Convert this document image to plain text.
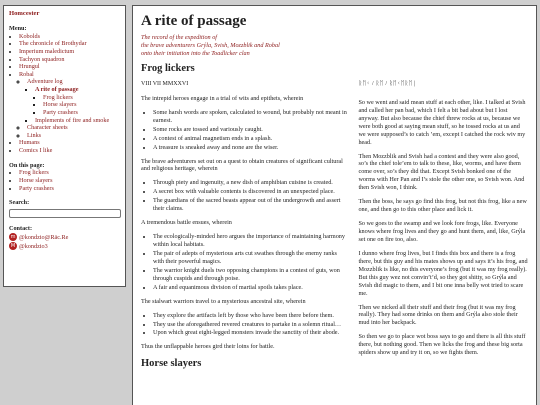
Homcester
Menu:
• Kobolds
• The chronicle of Brothydar
• Imperium maledictum
• Tachyon squadron
• Hrungul
• Robal
◦ Adventure log
▪ A rite of passage
▪ Frog lickers
▪ Horse slayers
▪ Party crashers
▪ Implements of fire and smoke
◦ Character sheets
◦ Links
• Humans
• Comics I like
On this page:
• Frog lickers
• Horse slayers
• Party crashers
Search:
Contact:
m @kondzio@Räc.Re
M @kondzio3
A rite of passage
The record of the expedition of
the brave adventurers Grýla, Svish, Mozzblik and Robal
onto their initiation into the Toadlicker clan
Frog lickers
VIII VII MMXXVI

The intrepid heroes engage in a trial of wits and epithets, wherein

• Some harsh words are spoken, calculated to wound, but probably not meant in earnest.
• Some rocks are tossed and variously caught.
• A contest of animal magnetism ends in a splash.
• A treasure is sneaked away and none are the wiser.

The brave adventurers set out on a quest to obtain creatures of significant cultural and religious heritage, wherein

• Through piety and ingenuity, a new dish of amphibian cuisine is created.
• A secret box with valuable contents is discovered in an unexpected place.
• The guardians of the sacred beasts appear out of the undergrowth and assert their claims.

A tremendous battle ensues, wherein

• The ecologically-minded hero argues the importance of maintaining harmony within local habitats.
• The pair of adepts of mysterious arts cut swathes through the enemy ranks with their powerful magics.
• The warrior knight duels two opposing champions in a contest of guts, won through cuspids and through poise.
• A fair and equanimous division of martial spoils takes place.

The stalwart warriors travel to a mysterious ancestral site, wherein

• They explore the artifacts left by those who have been there before them.
• They use the aforegathered revered creatures to partake in a solemn ritual…
• Upon which great eight-legged monsters invade the sanctity of their abode.

Thus the unflappable heroes gird their loins for battle.

Horse slayers
ᚱᛖᚲ / ᚱᛖ / ᚱᛖᚲᛖᚱᛖ |

So we went and said mean stuff at each other, like. I talked at Svish and called her pan bad, which I felt a bit bad about but I lost anyway. But also because the chief threw rocks at us, because we were both good at saying mean stuff, so he tossed rocks at us and we were supposed’s to catch ’em, except I catched the rock wiv my head.

Then Mozzblik and Svish had a contest and they were also good, so’s the chief tole’em to talk to these, like, worms, and have them come over, so’s they did that. Except Svish bonked one of the worms with Her Pan and I’s stole the other one, so Svish won. And then Svish won, I think.

Then the boss, he says go find this frog, but not this frog, like a new one, and then go to this other place and lick it.

So we goes to the swamp and we look fore frogs, like. Everyone knows where frog lives and they go and hunt them, and, like, Grýla set one on fire too, also.

I dunno where frog lives, but I finds this box and there is a frog there, but this guy and his mates shows up and says it’s his frog, and Mozzblik is like, no this everyone’s frog (but it was my frog really). But this guy wez not convin’t’d, so they got shitty, so Grýla and Svish did magic to them, and I bit one inna belly wot tried to scare me.

Then we nicked all their stuff and their frog (but it was my frog really). They had some drinks on them and Grýla also stole their mud into her backpack.

So then we go to place wot boss says to go and there is all this stuff there, but nothing good. Then we licks the frog and these big sorta spiders show up and try it on, so we fights them.
